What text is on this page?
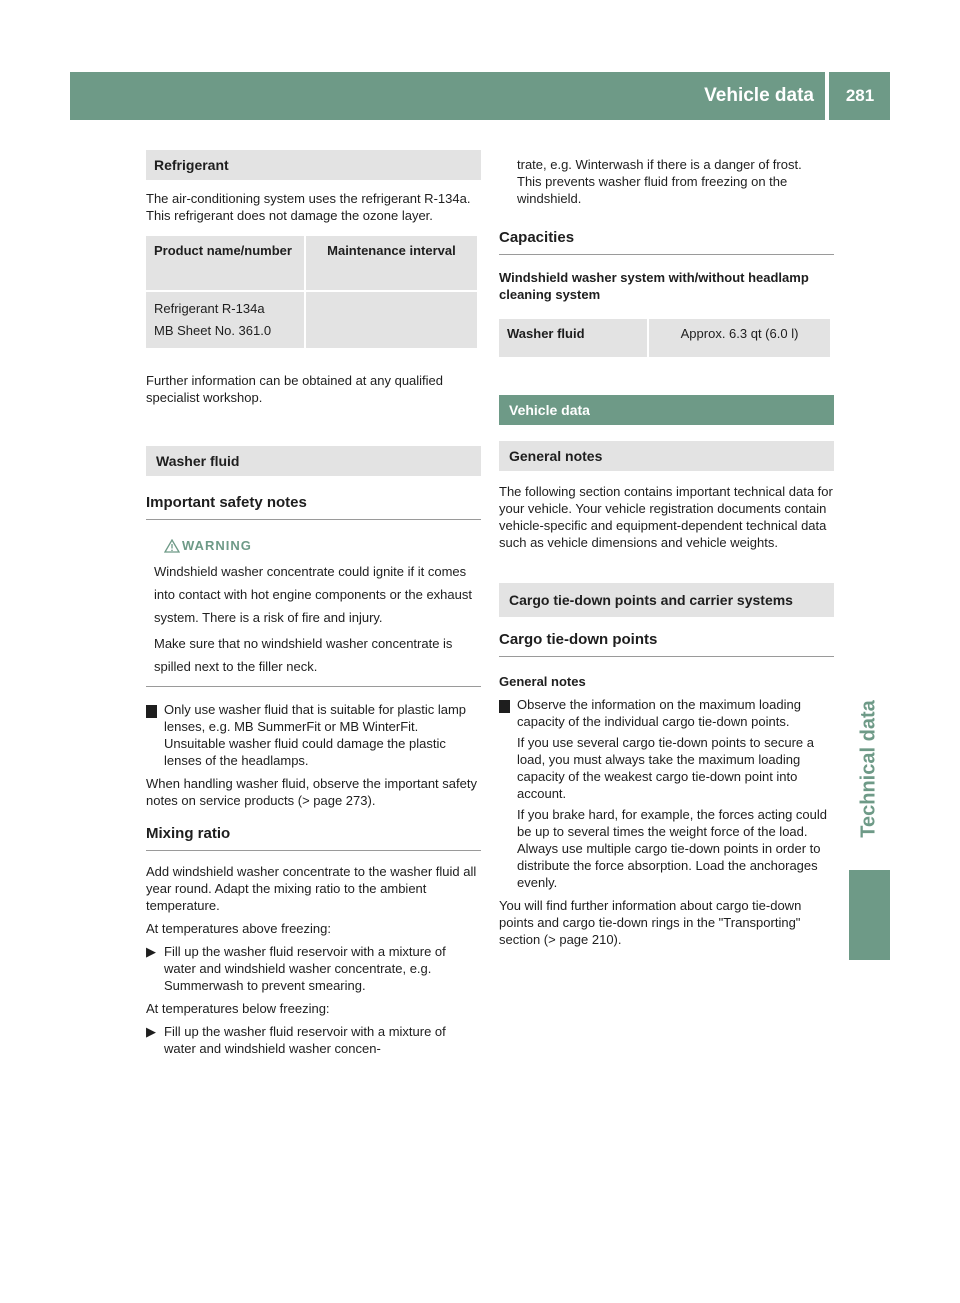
Vehicle data	281
Technical data
Refrigerant

The air-conditioning system uses the refrigerant R-134a. This refrigerant does not damage the ozone layer.

Product name/number	Maintenance interval

Refrigerant R-134a
MB Sheet No. 361.0	

Further information can be obtained at any qualified specialist workshop.

Washer fluid
Important safety notes
WARNING

Windshield washer concentrate could ignite if it comes into contact with hot engine components or the exhaust system. There is a risk of fire and injury.

Make sure that no windshield washer concentrate is spilled next to the filler neck.

! Only use washer fluid that is suitable for plastic lamp lenses, e.g. MB SummerFit or MB WinterFit. Unsuitable washer fluid could damage the plastic lenses of the headlamps.

When handling washer fluid, observe the important safety notes on service products (> page 273).

Mixing ratio

Add windshield washer concentrate to the washer fluid all year round. Adapt the mixing ratio to the ambient temperature.

At temperatures above freezing:

▶ Fill up the washer fluid reservoir with a mixture of water and windshield washer concentrate, e.g. Summerwash to prevent smearing.

At temperatures below freezing:

▶ Fill up the washer fluid reservoir with a mixture of water and windshield washer concen-

trate, e.g. Winterwash if there is a danger of frost.

This prevents washer fluid from freezing on the windshield.

Capacities
Windshield washer system with/without headlamp cleaning system
Washer fluid	Approx. 6.3 qt (6.0 l)
Vehicle data
General notes

The following section contains important technical data for your vehicle. Your vehicle registration documents contain vehicle-specific and equipment-dependent technical data such as vehicle dimensions and vehicle weights.

Cargo tie-down points and carrier systems
Cargo tie-down points
General notes

! Observe the information on the maximum loading capacity of the individual cargo tie-down points.

If you use several cargo tie-down points to secure a load, you must always take the maximum loading capacity of the weakest cargo tie-down point into account.

If you brake hard, for example, the forces acting could be up to several times the weight force of the load. Always use multiple cargo tie-down points in order to distribute the force absorption. Load the anchorages evenly.

You will find further information about cargo tie-down points and cargo tie-down rings in the "Transporting" section (> page 210).
